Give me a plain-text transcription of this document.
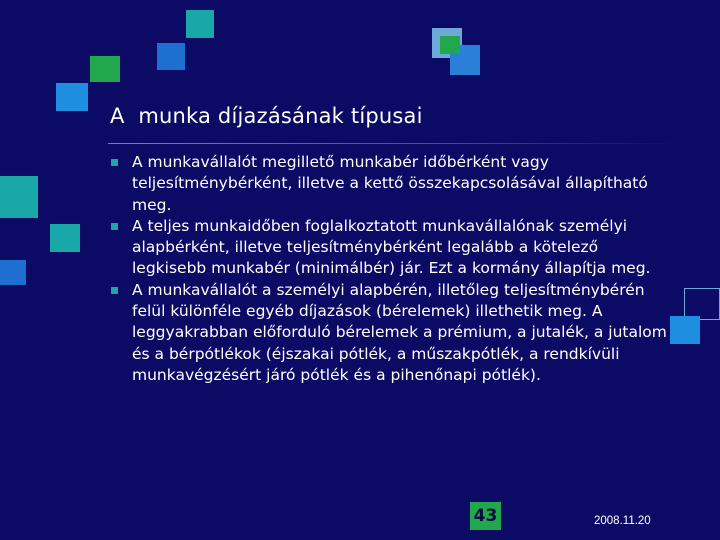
A  munka díjazásának típusai
A munkavállalót megillető munkabér időbérként vagy teljesítménybérként, illetve a kettő összekapcsolásával állapítható meg.
A teljes munkaidőben foglalkoztatott munkavállalónak személyi alapbérként, illetve teljesítménybérként legalább a kötelező legkisebb munkabér (minimálbér) jár. Ezt a kormány állapítja meg.
A munkavállalót a személyi alapbérén, illetőleg teljesítménybérén felül különféle egyéb díjazások (bérelemek) illethetik meg. A leggyakrabban előforduló bérelemek a prémium, a jutalék, a jutalom és a bérpótlékok (éjszakai pótlék, a műszakpótlék, a rendkívüli munkavégzésért járó pótlék és a pihenőnapi pótlék).
43	2008.11.20
